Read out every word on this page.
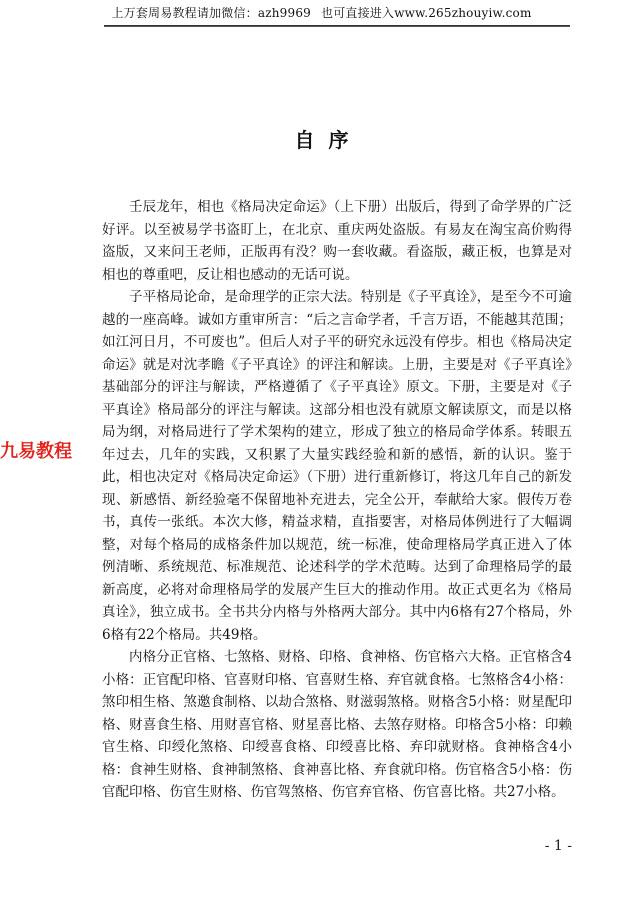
上万套周易教程请加微信：azh9969 也可直接进入www.265zhouyiw.com
自序

壬辰龙年，相也《格局决定命运》（上下册）出版后，得到了命学界的广泛好评。以至被易学书盗盯上，在北京、重庆两处盗版。有易友在淘宝高价购得盗版，又来问王老师，正版再有没？购一套收藏。看盗版，藏正板，也算是对相也的尊重吧，反让相也感动的无话可说。

子平格局论命，是命理学的正宗大法。特别是《子平真诠》，是至今不可逾越的一座高峰。诚如方重审所言：“后之言命学者，千言万语，不能越其范围；如江河日月，不可废也”。但后人对子平的研究永远没有停步。相也《格局决定命运》就是对沈孝瞻《子平真诠》的评注和解读。上册，主要是对《子平真诠》基础部分的评注与解读，严格遵循了《子平真诠》原文。下册，主要是对《子平真诠》格局部分的评注与解读。这部分相也没有就原文解读原文，而是以格局为纲，对格局进行了学术架构的建立，形成了独立的格局命学体系。转眼五年过去，几年的实践，又积累了大量实践经验和新的感悟，新的认识。鉴于此，相也决定对《格局决定命运》（下册）进行重新修订，将这几年自己的新发现、新感悟、新经验毫不保留地补充进去，完全公开，奉献给大家。假传万卷书，真传一张纸。本次大修，精益求精，直指要害，对格局体例进行了大幅调整，对每个格局的成格条件加以规范，统一标准，使命理格局学真正进入了体例清晰、系统规范、标准规范、论述科学的学术范畴。达到了命理格局学的最新高度，必将对命理格局学的发展产生巨大的推动作用。故正式更名为《格局真诠》，独立成书。全书共分内格与外格两大部分。其中内6格有27个格局，外6格有22个格局。共49格。

内格分正官格、七煞格、财格、印格、食神格、伤官格六大格。正官格含4小格：正官配印格、官喜财印格、官喜财生格、弃官就食格。七煞格含4小格：煞印相生格、煞邀食制格、以劫合煞格、财滋弱煞格。财格含5小格：财星配印格、财喜食生格、用财喜官格、财星喜比格、去煞存财格。印格含5小格：印赖官生格、印绶化煞格、印绶喜食格、印绶喜比格、弃印就财格。食神格含4小格：食神生财格、食神制煞格、食神喜比格、弃食就印格。伤官格含5小格：伤官配印格、伤官生财格、伤官驾煞格、伤官弃官格、伤官喜比格。共27小格。

九易教程
- 1 -
